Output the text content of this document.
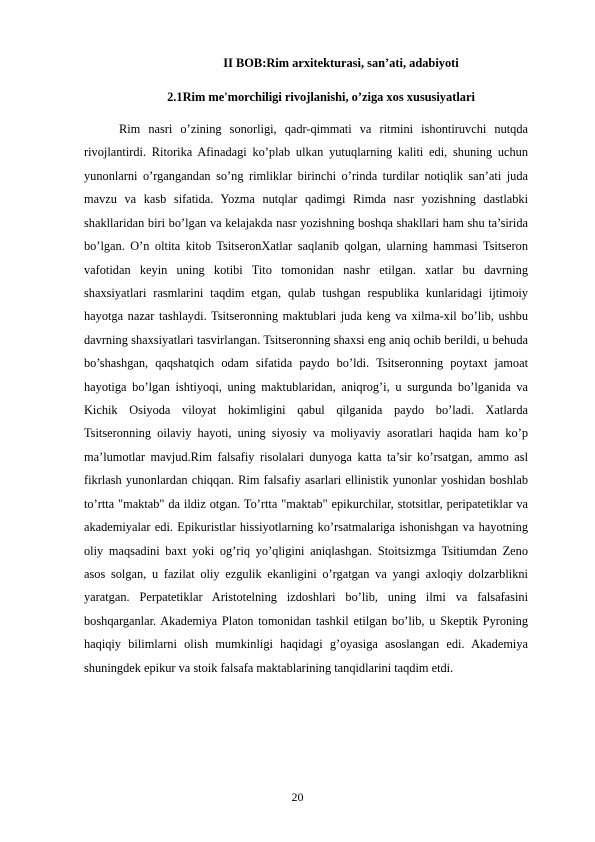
II BOB:Rim arxitekturasi, san’ati, adabiyoti
2.1Rim me'morchiligi rivojlanishi, o’ziga xos xususiyatlari

Rim nasri o’zining sonorligi, qadr-qimmati va ritmini ishontiruvchi nutqda rivojlantirdi. Ritorika Afinadagi ko’plab ulkan yutuqlarning kaliti edi, shuning uchun yunonlarni o’rgangandan so’ng rimliklar birinchi o’rinda turdilar notiqlik san’ati juda mavzu va kasb sifatida. Yozma nutqlar qadimgi Rimda nasr yozishning dastlabki shakllaridan biri bo’lgan va kelajakda nasr yozishning boshqa shakllari ham shu ta’sirida bo’lgan. O’n oltita kitob TsitseronXatlar saqlanib qolgan, ularning hammasi Tsitseron vafotidan keyin uning kotibi Tito tomonidan nashr etilgan. xatlar bu davrning shaxsiyatlari rasmlarini taqdim etgan, qulab tushgan respublika kunlaridagi ijtimoiy hayotga nazar tashlaydi. Tsitseronning maktublari juda keng va xilma-xil bo’lib, ushbu davrning shaxsiyatlari tasvirlangan. Tsitseronning shaxsi eng aniq ochib berildi, u behuda bo’shashgan, qaqshatqich odam sifatida paydo bo’ldi. Tsitseronning poytaxt jamoat hayotiga bo’lgan ishtiyoqi, uning maktublaridan, aniqrog’i, u surgunda bo’lganida va Kichik Osiyoda viloyat hokimligini qabul qilganida paydo bo’ladi. Xatlarda Tsitseronning oilaviy hayoti, uning siyosiy va moliyaviy asoratlari haqida ham ko’p ma’lumotlar mavjud.Rim falsafiy risolalari dunyoga katta ta’sir ko’rsatgan, ammo asl fikrlash yunonlardan chiqqan. Rim falsafiy asarlari ellinistik yunonlar yoshidan boshlab to’rtta "maktab" da ildiz otgan. To’rtta "maktab" epikurchilar, stotsitlar, peripatetiklar va akademiyalar edi. Epikuristlar hissiyotlarning ko’rsatmalariga ishonishgan va hayotning oliy maqsadini baxt yoki og’riq yo’qligini aniqlashgan. Stoitsizmga Tsitiumdan Zeno asos solgan, u fazilat oliy ezgulik ekanligini o’rgatgan va yangi axloqiy dolzarblikni yaratgan. Perpatetiklar Aristotelning izdoshlari bo’lib, uning ilmi va falsafasini boshqarganlar. Akademiya Platon tomonidan tashkil etilgan bo’lib, u Skeptik Pyroning haqiqiy bilimlarni olish mumkinligi haqidagi g’oyasiga asoslangan edi. Akademiya shuningdek epikur va stoik falsafa maktablarining tanqidlarini taqdim etdi.

20
